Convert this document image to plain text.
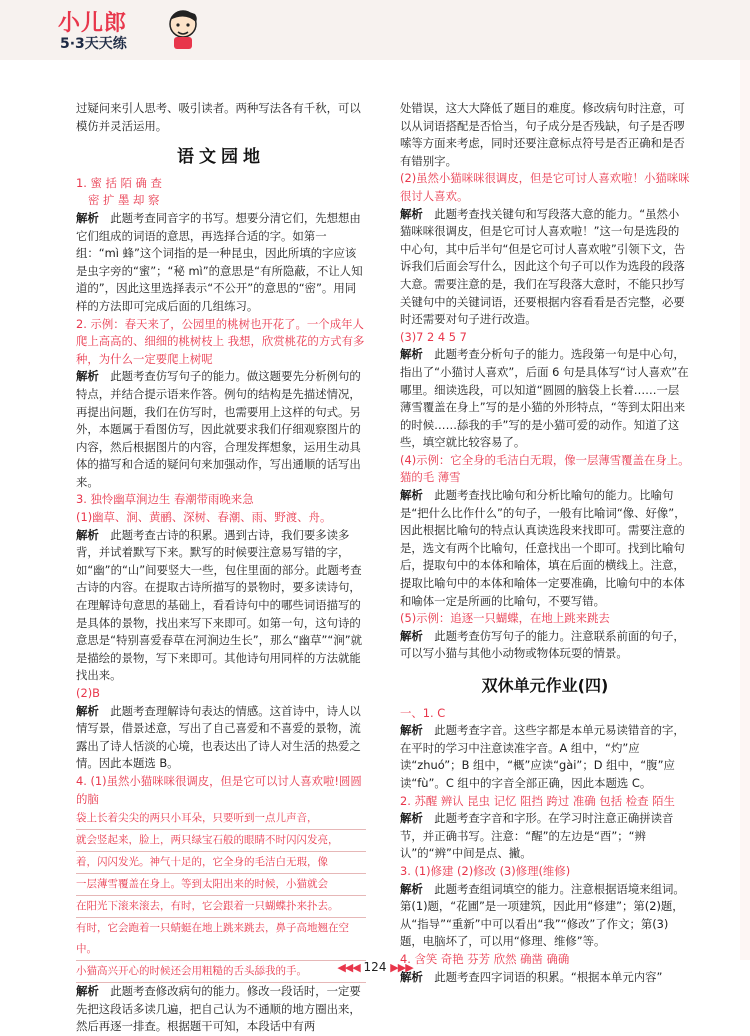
小儿郎
5·3天天练

过疑问来引人思考、吸引读者。两种写法各有千秋，可以模仿并灵活运用。

语文园地

1. 蜜 括 陌 确 查

密 扩 墨 却 察

解析　 此题考查同音字的书写。想要分清它们，先想想由它们组成的词语的意思，再选择合适的字。如第一组：“mì 蜂”这个词指的是一种昆虫，因此所填的字应该是虫字旁的“蜜”；“秘 mì”的意思是“有所隐蔽，不让人知道的”，因此这里选择表示“不公开”的意思的“密”。用同样的方法即可完成后面的几组练习。

2. 示例：春天来了，公园里的桃树也开花了。一个成年人爬上高高的、细细的桃树枝上 我想，欣赏桃花的方式有多种，为什么一定要爬上树呢

解析　 此题考查仿写句子的能力。做这题要先分析例句的特点，并结合提示语来作答。例句的结构是先描述情况，再提出问题，我们在仿写时，也需要用上这样的句式。另外，本题属于看图仿写，因此就要求我们仔细观察图片的内容，然后根据图片的内容，合理发挥想象，运用生动具体的描写和合适的疑问句来加强动作，写出通顺的话写出来。

3. 独怜幽草涧边生 春潮带雨晚来急

(1)幽草、涧、黄鹂、深树、春潮、雨、野渡、舟。

解析　 此题考查古诗的积累。遇到古诗，我们要多读多背，并试着默写下来。默写的时候要注意易写错的字，如“幽”的“山”间要竖大一些，包住里面的部分。此题考查古诗的内容。在提取古诗所描写的景物时，要多读诗句，在理解诗句意思的基础上，看看诗句中的哪些词语描写的是具体的景物，找出来写下来即可。如第一句，这句诗的意思是“特别喜爱春草在河涧边生长”，那么“幽草”“涧”就是描绘的景物，写下来即可。其他诗句用同样的方法就能找出来。

(2)B

解析　 此题考查理解诗句表达的情感。这首诗中，诗人以情写景，借景述意，写出了自己喜爱和不喜爱的景物，流露出了诗人恬淡的心境，也表达出了诗人对生活的热爱之情。因此本题选 B。

4. (1)虽然小猫咪咪很调皮，但是它可以讨人喜欢啦!圆圆的脑

袋上长着尖尖的两只小耳朵，只要听到一点儿声音，
就会竖起来，脸上，两只绿宝石般的眼睛不时闪闪发亮，
着，闪闪发光。神气十足的，它全身的毛洁白无瑕，像
一层薄雪覆盖在身上。等到太阳出来的时候，小猫就会
在阳光下滚来滚去，有时，它会跟着一只蝴蝶扑来扑去。
有时，它会跑着一只蜻蜓在地上跳来跳去，鼻子高地翘在空中。
小猫高兴开心的时候还会用粗糙的舌头舔我的手。

解析　 此题考查修改病句的能力。修改一段话时，一定要先把这段话多读几遍，把自己认为不通顺的地方圈出来，然后再逐一排查。根据题干可知，本段话中有两

处错误，这大大降低了题目的难度。修改病句时注意，可以从词语搭配是否恰当，句子成分是否残缺，句子是否啰嗦等方面来考虑，同时还要注意标点符号是否正确和是否有错别字。

(2)虽然小猫咪咪很调皮，但是它可讨人喜欢啦！小猫咪咪很讨人喜欢。

解析　 此题考查找关键句和写段落大意的能力。“虽然小猫咪咪很调皮，但是它可讨人喜欢啦！”这一句是选段的中心句，其中后半句“但是它可讨人喜欢啦”引领下文，告诉我们后面会写什么，因此这个句子可以作为选段的段落大意。需要注意的是，我们在写段落大意时，不能只抄写关键句中的关键词语，还要根据内容看看是否完整，必要时还需要对句子进行改造。

(3)7 2 4 5 7

解析　 此题考查分析句子的能力。选段第一句是中心句，指出了“小猫讨人喜欢”，后面 6 句是具体写“讨人喜欢”在哪里。细读选段，可以知道“圆圆的脑袋上长着……一层薄雪覆盖在身上”写的是小猫的外形特点，“等到太阳出来的时候……舔我的手”写的是小猫可爱的动作。知道了这些，填空就比较容易了。

(4)示例：它全身的毛洁白无瑕，像一层薄雪覆盖在身上。 猫的毛 薄雪

解析　 此题考查找比喻句和分析比喻句的能力。比喻句是“把什么比作什么”的句子，一般有比喻词“像、好像”，因此根据比喻句的特点认真读选段来找即可。需要注意的是，选文有两个比喻句，任意找出一个即可。找到比喻句后，提取句中的本体和喻体，填在后面的横线上。注意，提取比喻句中的本体和喻体一定要准确，比喻句中的本体和喻体一定是所画的比喻句，不要写错。

(5)示例：追逐一只蝴蝶，在地上跳来跳去

解析　 此题考查仿写句子的能力。注意联系前面的句子，可以写小猫与其他小动物或物体玩耍的情景。

双休单元作业(四)

一、1. C

解析　 此题考查字音。这些字都是本单元易读错音的字，在平时的学习中注意读准字音。A 组中，“灼”应读“zhuó”；B 组中，“概”应读“gài”；D 组中，“腹”应读“fù”。C 组中的字音全部正确，因此本题选 C。

2. 苏醒 辨认 昆虫 记忆 阻挡 跨过 准确 包括 检查 陌生

解析　 此题考查字音和字形。在学习时注意正确拼读音节，并正确书写。注意：“醒”的左边是“酉”；“辨认”的“辨”中间是点、撇。

3. (1)修建 (2)修改 (3)修理(维修)

解析　 此题考查组词填空的能力。注意根据语境来组词。第(1)题，“花圃”是一项建筑，因此用“修建”；第(2)题，从“指导”“重新”中可以看出“我”“修改”了作文；第(3)题，电脑坏了，可以用“修理、维修”等。

4. 含笑 奇艳 芬芳 欣然 确凿 确确

解析　 此题考查四字词语的积累。“根据本单元内容”

◀◀◀ 124 ▶▶▶
